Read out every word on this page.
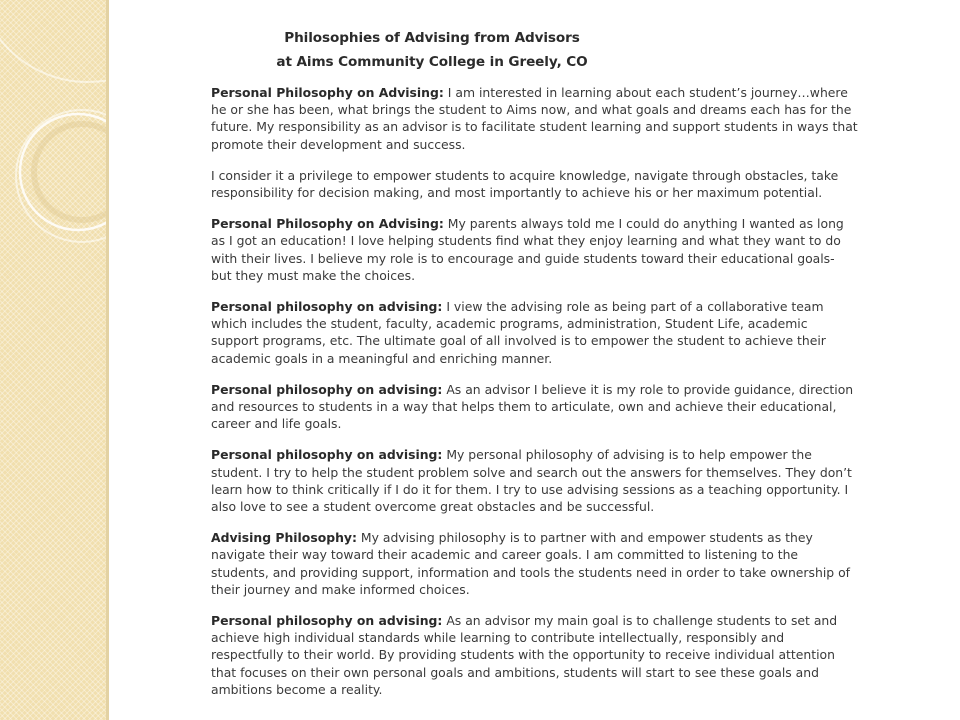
Philosophies of Advising from Advisors
at Aims Community College in Greely, CO

Personal Philosophy on Advising: I am interested in learning about each student’s journey…where he or she has been, what brings the student to Aims now, and what goals and dreams each has for the future. My responsibility as an advisor is to facilitate student learning and support students in ways that promote their development and success.

I consider it a privilege to empower students to acquire knowledge, navigate through obstacles, take responsibility for decision making, and most importantly to achieve his or her maximum potential.

Personal Philosophy on Advising: My parents always told me I could do anything I wanted as long as I got an education! I love helping students find what they enjoy learning and what they want to do with their lives. I believe my role is to encourage and guide students toward their educational goals- but they must make the choices.

Personal philosophy on advising: I view the advising role as being part of a collaborative team which includes the student, faculty, academic programs, administration, Student Life, academic support programs, etc. The ultimate goal of all involved is to empower the student to achieve their academic goals in a meaningful and enriching manner.

Personal philosophy on advising: As an advisor I believe it is my role to provide guidance, direction and resources to students in a way that helps them to articulate, own and achieve their educational, career and life goals.

Personal philosophy on advising: My personal philosophy of advising is to help empower the student. I try to help the student problem solve and search out the answers for themselves. They don’t learn how to think critically if I do it for them. I try to use advising sessions as a teaching opportunity. I also love to see a student overcome great obstacles and be successful.

Advising Philosophy: My advising philosophy is to partner with and empower students as they navigate their way toward their academic and career goals. I am committed to listening to the students, and providing support, information and tools the students need in order to take ownership of their journey and make informed choices.

Personal philosophy on advising: As an advisor my main goal is to challenge students to set and achieve high individual standards while learning to contribute intellectually, responsibly and respectfully to their world. By providing students with the opportunity to receive individual attention that focuses on their own personal goals and ambitions, students will start to see these goals and ambitions become a reality.
